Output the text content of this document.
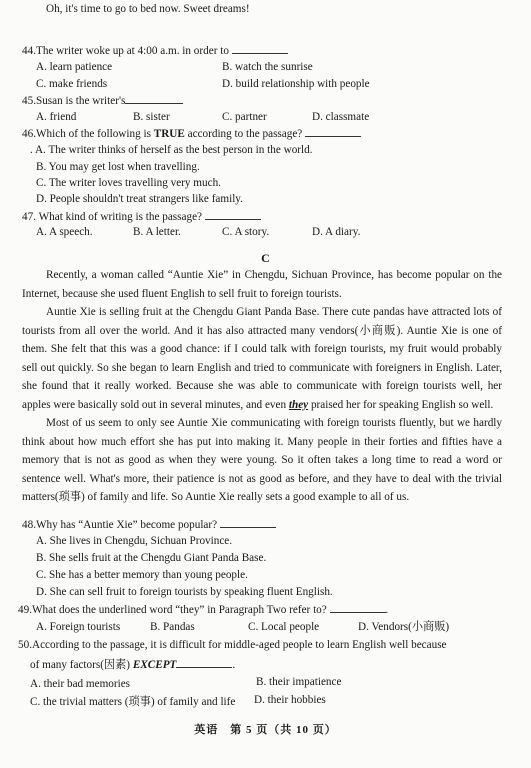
Oh, it's time to go to bed now. Sweet dreams!
44.The writer woke up at 4:00 a.m. in order to
A. learn patience	B. watch the sunrise
C. make friends	D. build relationship with people
45.Susan is the writer's
A. friend	B. sister	C. partner	D. classmate
46.Which of the following is TRUE according to the passage?
. A. The writer thinks of herself as the best person in the world.
B. You may get lost when travelling.
C. The writer loves travelling very much.
D. People shouldn't treat strangers like family.
47. What kind of writing is the passage?
A. A speech.	B. A letter.	C. A story.	D. A diary.
C
Recently, a woman called “Auntie Xie” in Chengdu, Sichuan Province, has become popular on the Internet, because she used fluent English to sell fruit to foreign tourists.
Auntie Xie is selling fruit at the Chengdu Giant Panda Base. There cute pandas have attracted lots of tourists from all over the world. And it has also attracted many vendors(小商贩). Auntie Xie is one of them. She felt that this was a good chance: if I could talk with foreign tourists, my fruit would probably sell out quickly. So she began to learn English and tried to communicate with foreigners in English. Later, she found that it really worked. Because she was able to communicate with foreign tourists well, her apples were basically sold out in several minutes, and even they praised her for speaking English so well.
Most of us seem to only see Auntie Xie communicating with foreign tourists fluently, but we hardly think about how much effort she has put into making it. Many people in their forties and fifties have a memory that is not as good as when they were young. So it often takes a long time to read a word or sentence well. What's more, their patience is not as good as before, and they have to deal with the trivial matters(琐事) of family and life. So Auntie Xie really sets a good example to all of us.
48.Why has “Auntie Xie” become popular?
A. She lives in Chengdu, Sichuan Province.
B. She sells fruit at the Chengdu Giant Panda Base.
C. She has a better memory than young people.
D. She can sell fruit to foreign tourists by speaking fluent English.
49.What does the underlined word “they” in Paragraph Two refer to?	.
A. Foreign tourists	B. Pandas	C. Local people	D. Vendors(小商贩)
50.According to the passage, it is difficult for middle-aged people to learn English well because
of many factors(因素) EXCEPT	.
A. their bad memories	B. their impatience
C. the trivial matters (琐事) of family and life D. their hobbies
英语　第 5 页（共 10 页）
